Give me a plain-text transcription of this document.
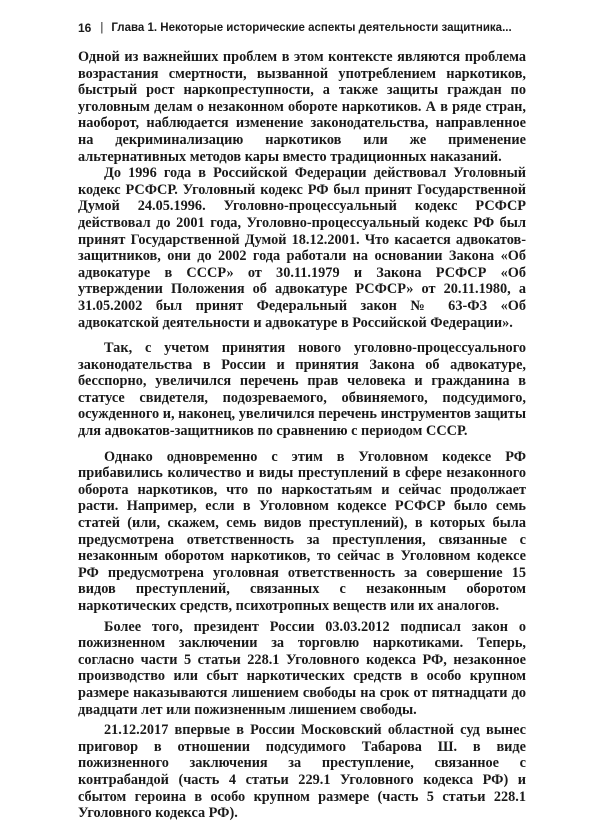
16 | Глава 1. Некоторые исторические аспекты деятельности защитника...

Одной из важнейших проблем в этом контексте являются проблема возрастания смертности, вызванной употреблением наркотиков, быстрый рост наркопреступности, а также защиты граждан по уголовным делам о незаконном обороте наркотиков. А в ряде стран, наоборот, наблюдается изменение законодательства, направленное на декриминализацию наркотиков или же применение альтернативных методов кары вместо традиционных наказаний.

До 1996 года в Российской Федерации действовал Уголовный кодекс РСФСР. Уголовный кодекс РФ был принят Государственной Думой 24.05.1996. Уголовно-процессуальный кодекс РСФСР действовал до 2001 года, Уголовно-процессуальный кодекс РФ был принят Государственной Думой 18.12.2001. Что касается адвокатов-защитников, они до 2002 года работали на основании Закона «Об адвокатуре в СССР» от 30.11.1979 и Закона РСФСР «Об утверждении Положения об адвокатуре РСФСР» от 20.11.1980, а 31.05.2002 был принят Федеральный закон № 63-ФЗ «Об адвокатской деятельности и адвокатуре в Российской Федерации».

Так, с учетом принятия нового уголовно-процессуального законодательства в России и принятия Закона об адвокатуре, бесспорно, увеличился перечень прав человека и гражданина в статусе свидетеля, подозреваемого, обвиняемого, подсудимого, осужденного и, наконец, увеличился перечень инструментов защиты для адвокатов-защитников по сравнению с периодом СССР.

Однако одновременно с этим в Уголовном кодексе РФ прибавились количество и виды преступлений в сфере незаконного оборота наркотиков, что по наркостатьям и сейчас продолжает расти. Например, если в Уголовном кодексе РСФСР было семь статей (или, скажем, семь видов преступлений), в которых была предусмотрена ответственность за преступления, связанные с незаконным оборотом наркотиков, то сейчас в Уголовном кодексе РФ предусмотрена уголовная ответственность за совершение 15 видов преступлений, связанных с незаконным оборотом наркотических средств, психотропных веществ или их аналогов.

Более того, президент России 03.03.2012 подписал закон о пожизненном заключении за торговлю наркотиками. Теперь, согласно части 5 статьи 228.1 Уголовного кодекса РФ, незаконное производство или сбыт наркотических средств в особо крупном размере наказываются лишением свободы на срок от пятнадцати до двадцати лет или пожизненным лишением свободы.

21.12.2017 впервые в России Московский областной суд вынес приговор в отношении подсудимого Табарова Ш. в виде пожизненного заключения за преступление, связанное с контрабандой (часть 4 статьи 229.1 Уголовного кодекса РФ) и сбытом героина в особо крупном размере (часть 5 статьи 228.1 Уголовного кодекса РФ).
